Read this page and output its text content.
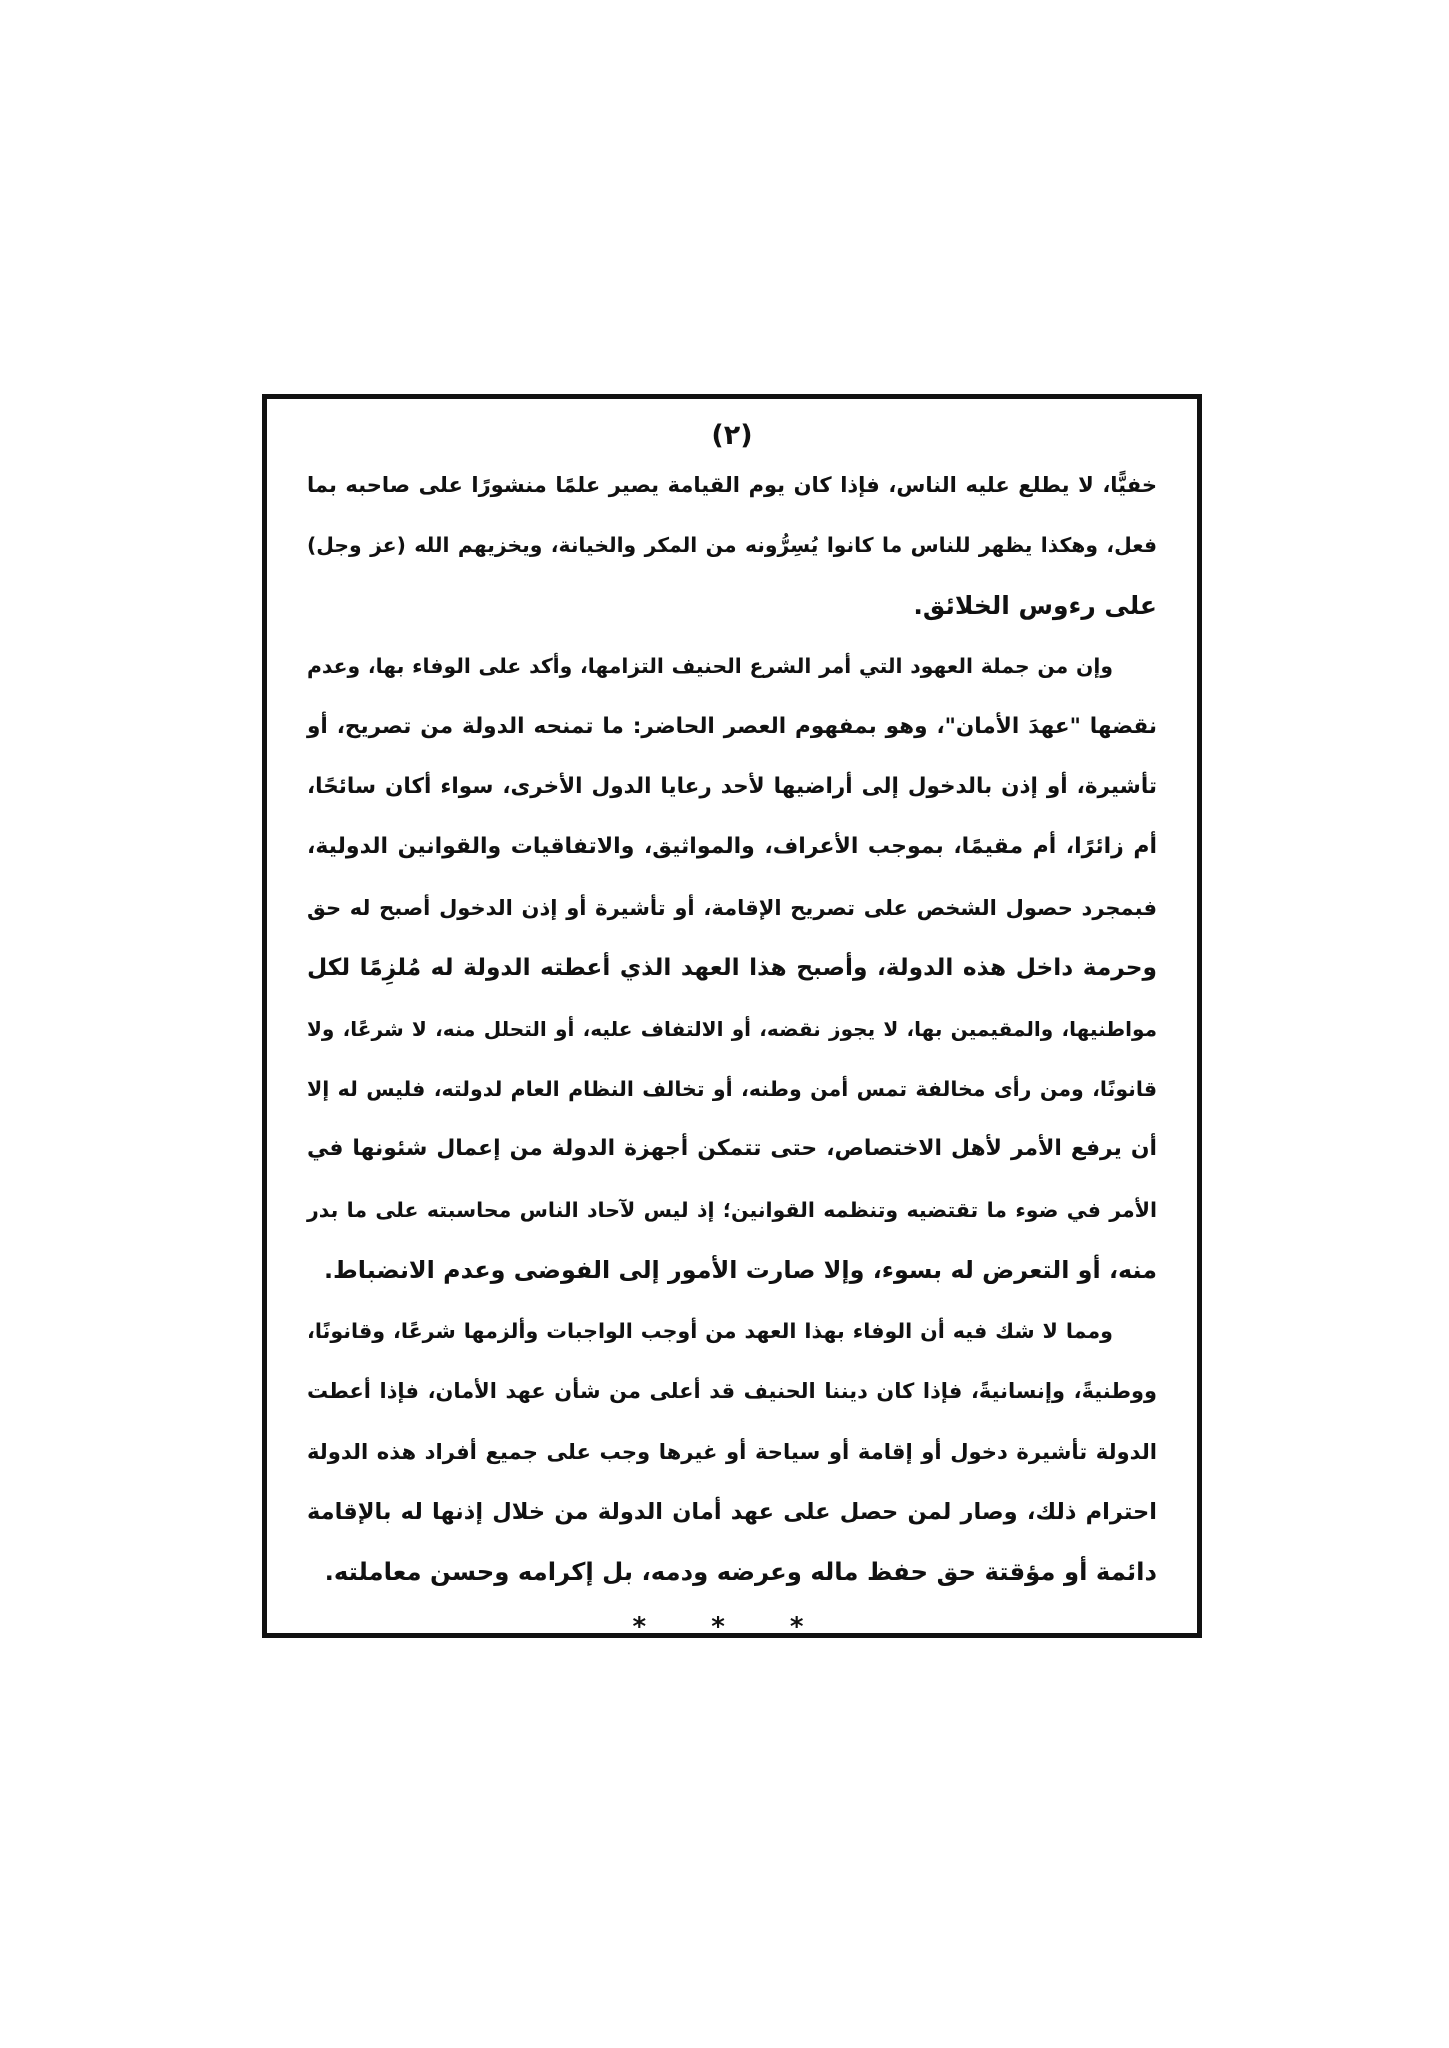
(٢)

خفيًّا، لا يطلع عليه الناس، فإذا كان يوم القيامة يصير علمًا منشورًا على صاحبه بما
فعل، وهكذا يظهر للناس ما كانوا يُسِرُّونه من المكر والخيانة، ويخزيهم الله (عز وجل)
على رءوس الخلائق.

وإن من جملة العهود التي أمر الشرع الحنيف التزامها، وأكد على الوفاء بها، وعدم
نقضها "عهدَ الأمان"، وهو بمفهوم العصر الحاضر: ما تمنحه الدولة من تصريح، أو
تأشيرة، أو إذن بالدخول إلى أراضيها لأحد رعايا الدول الأخرى، سواء أكان سائحًا،
أم زائرًا، أم مقيمًا، بموجب الأعراف، والمواثيق، والاتفاقيات والقوانين الدولية،
فبمجرد حصول الشخص على تصريح الإقامة، أو تأشيرة أو إذن الدخول أصبح له حق
وحرمة داخل هذه الدولة، وأصبح هذا العهد الذي أعطته الدولة له مُلزِمًا لكل
مواطنيها، والمقيمين بها، لا يجوز نقضه، أو الالتفاف عليه، أو التحلل منه، لا شرعًا، ولا
قانونًا، ومن رأى مخالفة تمس أمن وطنه، أو تخالف النظام العام لدولته، فليس له إلا
أن يرفع الأمر لأهل الاختصاص، حتى تتمكن أجهزة الدولة من إعمال شئونها في
الأمر في ضوء ما تقتضيه وتنظمه القوانين؛ إذ ليس لآحاد الناس محاسبته على ما بدر
منه، أو التعرض له بسوء، وإلا صارت الأمور إلى الفوضى وعدم الانضباط.

ومما لا شك فيه أن الوفاء بهذا العهد من أوجب الواجبات وألزمها شرعًا، وقانونًا،
ووطنيةً، وإنسانيةً، فإذا كان ديننا الحنيف قد أعلى من شأن عهد الأمان، فإذا أعطت
الدولة تأشيرة دخول أو إقامة أو سياحة أو غيرها وجب على جميع أفراد هذه الدولة
احترام ذلك، وصار لمن حصل على عهد أمان الدولة من خلال إذنها له بالإقامة
دائمة أو مؤقتة حق حفظ ماله وعرضه ودمه، بل إكرامه وحسن معاملته.

* * *
